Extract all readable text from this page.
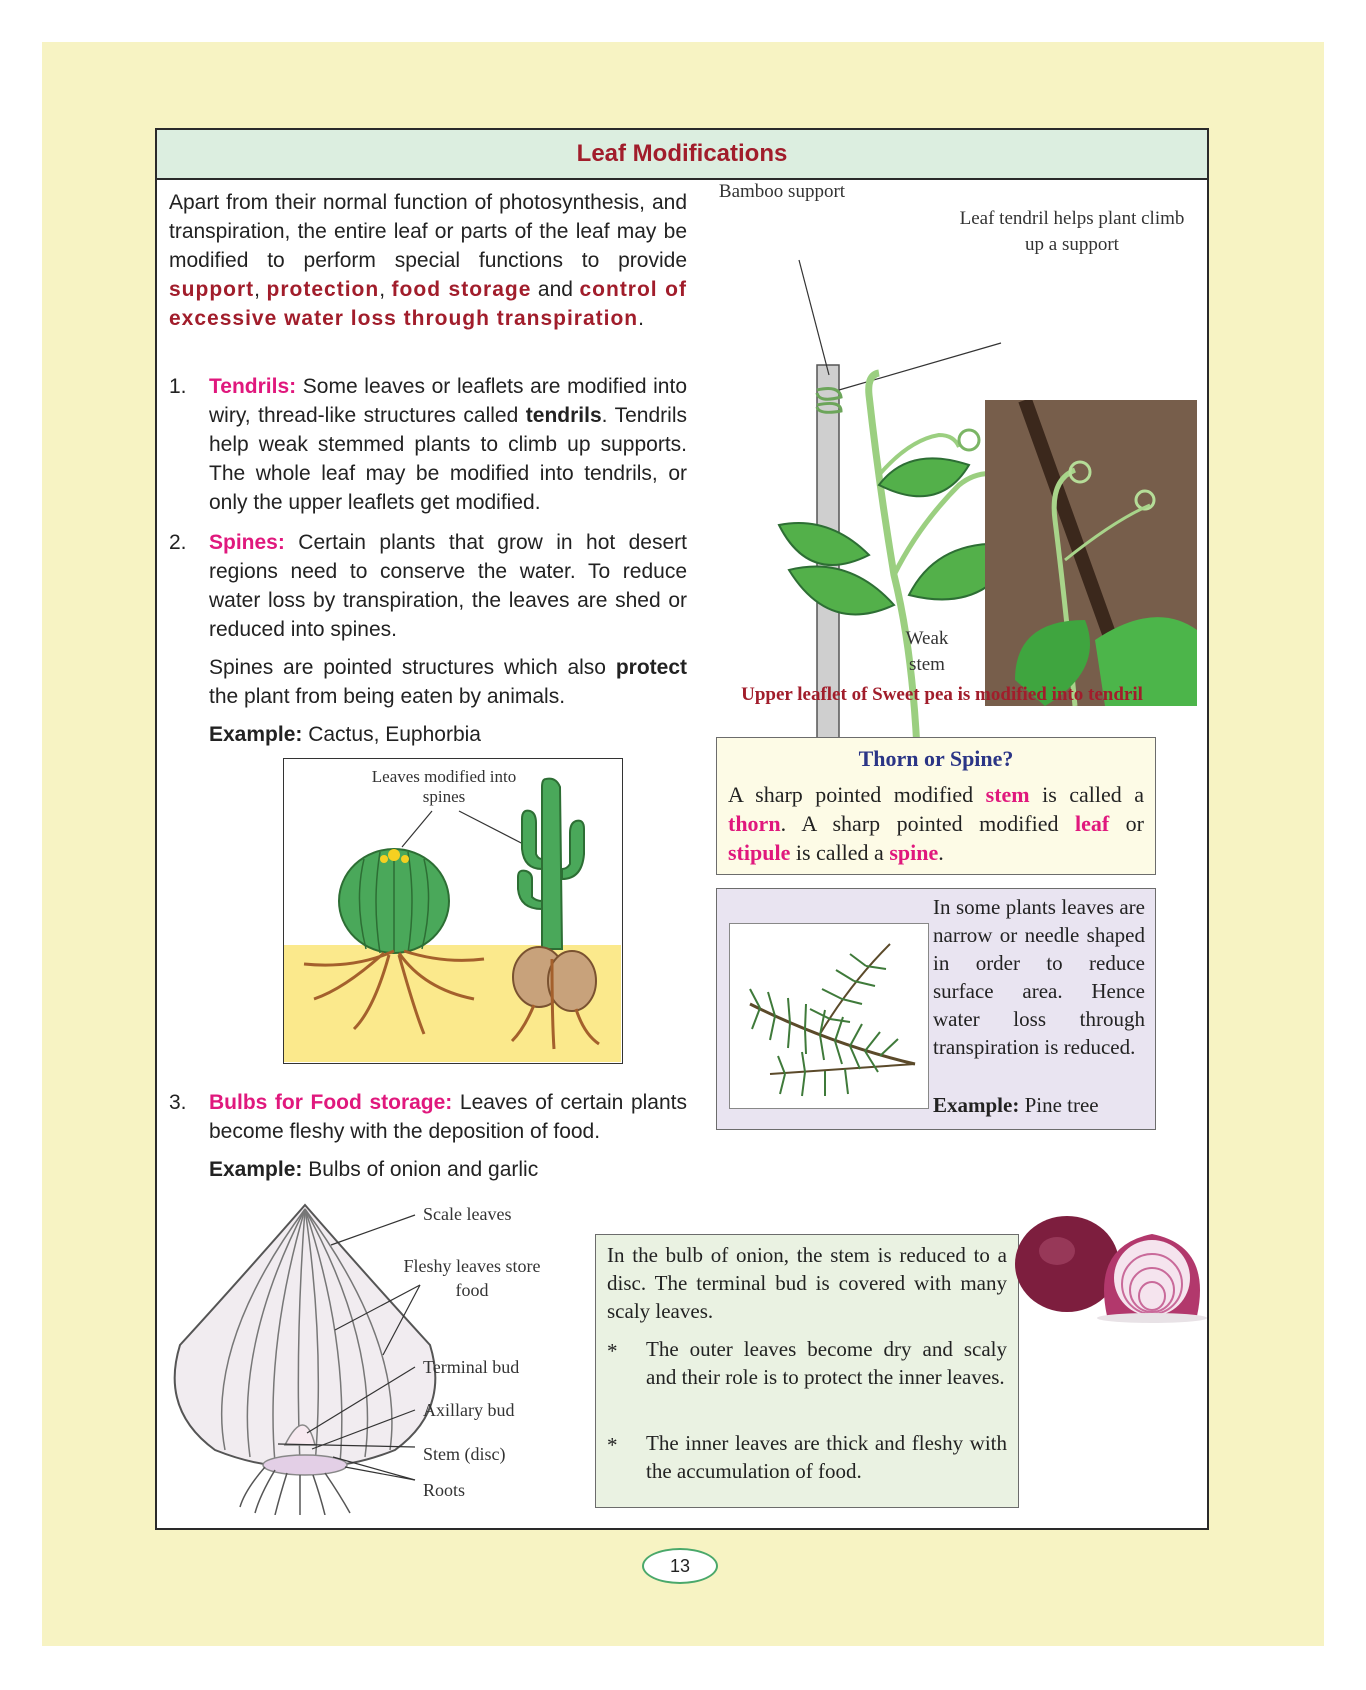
Leaf Modifications
Apart from their normal function of photosynthesis, and transpiration, the entire leaf or parts of the leaf may be modified to perform special functions to provide support, protection, food storage and control of excessive water loss through transpiration.
1. Tendrils: Some leaves or leaflets are modified into wiry, thread-like structures called tendrils. Tendrils help weak stemmed plants to climb up supports. The whole leaf may be modified into tendrils, or only the upper leaflets get modified.
2. Spines: Certain plants that grow in hot desert regions need to conserve the water. To reduce water loss by transpiration, the leaves are shed or reduced into spines.
Spines are pointed structures which also protect the plant from being eaten by animals.
Example: Cactus, Euphorbia
Leaves modified into spines
3. Bulbs for Food storage: Leaves of certain plants become fleshy with the deposition of food.
Example: Bulbs of onion and garlic
Bamboo support
Leaf tendril helps plant climb up a support
Weak stem
Upper leaflet of Sweet pea is modified into tendril
Thorn or Spine?
A sharp pointed modified stem is called a thorn. A sharp pointed modified leaf or stipule is called a spine.
In some plants leaves are narrow or needle shaped in order to reduce surface area. Hence water loss through transpiration is reduced.
Example: Pine tree
Scale leaves
Fleshy leaves store food
Terminal bud
Axillary bud
Stem (disc)
Roots
In the bulb of onion, the stem is reduced to a disc. The terminal bud is covered with many scaly leaves.
* The outer leaves become dry and scaly and their role is to protect the inner leaves.
* The inner leaves are thick and fleshy with the accumulation of food.
13
